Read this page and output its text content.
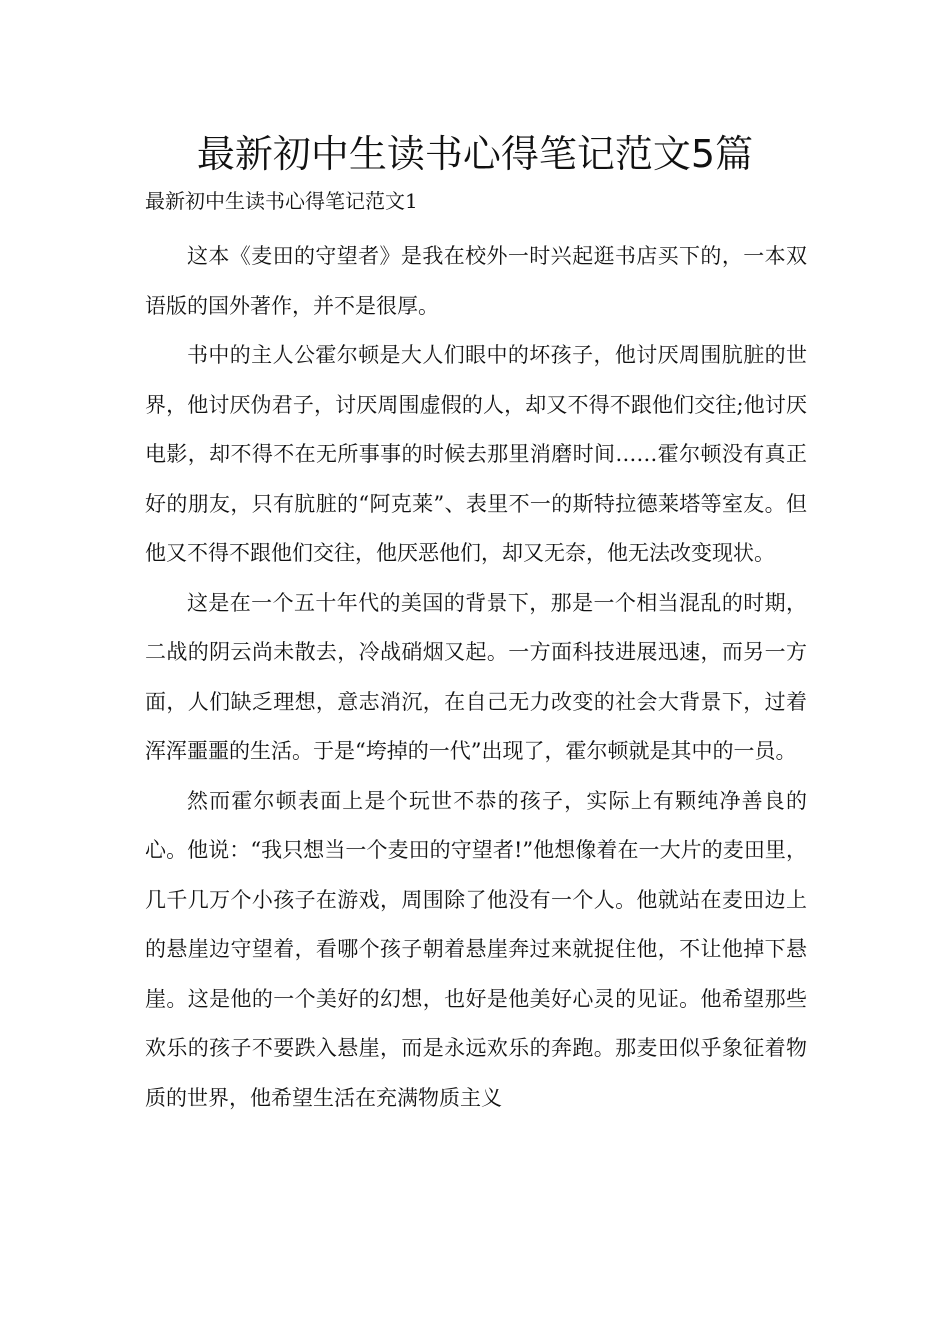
最新初中生读书心得笔记范文5篇
最新初中生读书心得笔记范文1

这本《麦田的守望者》是我在校外一时兴起逛书店买下的，一本双语版的国外著作，并不是很厚。

书中的主人公霍尔顿是大人们眼中的坏孩子，他讨厌周围肮脏的世界，他讨厌伪君子，讨厌周围虚假的人，却又不得不跟他们交往;他讨厌电影，却不得不在无所事事的时候去那里消磨时间……霍尔顿没有真正好的朋友，只有肮脏的“阿克莱”、表里不一的斯特拉德莱塔等室友。但他又不得不跟他们交往，他厌恶他们，却又无奈，他无法改变现状。

这是在一个五十年代的美国的背景下，那是一个相当混乱的时期，二战的阴云尚未散去，冷战硝烟又起。一方面科技进展迅速，而另一方面，人们缺乏理想，意志消沉，在自己无力改变的社会大背景下，过着浑浑噩噩的生活。于是“垮掉的一代”出现了，霍尔顿就是其中的一员。

然而霍尔顿表面上是个玩世不恭的孩子，实际上有颗纯净善良的心。他说：“我只想当一个麦田的守望者!”他想像着在一大片的麦田里，几千几万个小孩子在游戏，周围除了他没有一个人。他就站在麦田边上的悬崖边守望着，看哪个孩子朝着悬崖奔过来就捉住他，不让他掉下悬崖。这是他的一个美好的幻想，也好是他美好心灵的见证。他希望那些欢乐的孩子不要跌入悬崖，而是永远欢乐的奔跑。那麦田似乎象征着物质的世界，他希望生活在充满物质主义
